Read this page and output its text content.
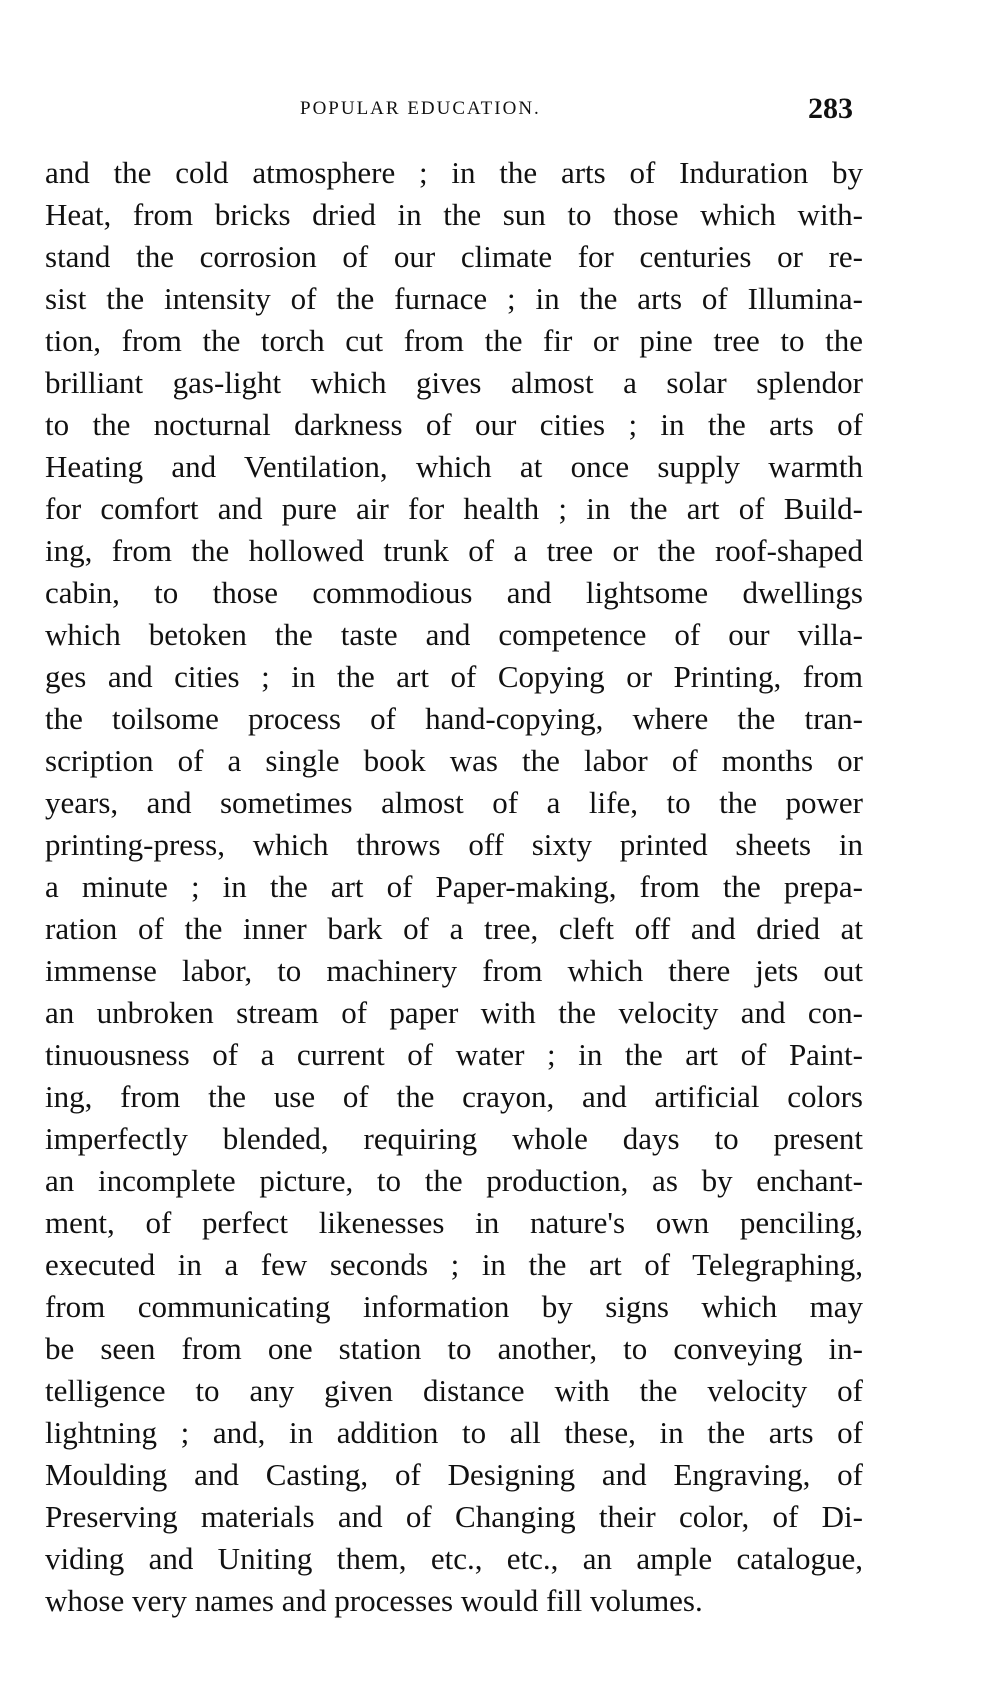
POPULAR EDUCATION.	283
and the cold atmosphere ; in the arts of Induration by
Heat, from bricks dried in the sun to those which with-
stand the corrosion of our climate for centuries or re-
sist the intensity of the furnace ; in the arts of Illumina-
tion, from the torch cut from the fir or pine tree to the
brilliant gas-light which gives almost a solar splendor
to the nocturnal darkness of our cities ; in the arts of
Heating and Ventilation, which at once supply warmth
for comfort and pure air for health ; in the art of Build-
ing, from the hollowed trunk of a tree or the roof-shaped
cabin, to those commodious and lightsome dwellings
which betoken the taste and competence of our villa-
ges and cities ; in the art of Copying or Printing, from
the toilsome process of hand-copying, where the tran-
scription of a single book was the labor of months or
years, and sometimes almost of a life, to the power
printing-press, which throws off sixty printed sheets in
a minute ; in the art of Paper-making, from the prepa-
ration of the inner bark of a tree, cleft off and dried at
immense labor, to machinery from which there jets out
an unbroken stream of paper with the velocity and con-
tinuousness of a current of water ; in the art of Paint-
ing, from the use of the crayon, and artificial colors
imperfectly blended, requiring whole days to present
an incomplete picture, to the production, as by enchant-
ment, of perfect likenesses in nature's own penciling,
executed in a few seconds ; in the art of Telegraphing,
from communicating information by signs which may
be seen from one station to another, to conveying in-
telligence to any given distance with the velocity of
lightning ; and, in addition to all these, in the arts of
Moulding and Casting, of Designing and Engraving, of
Preserving materials and of Changing their color, of Di-
viding and Uniting them, etc., etc., an ample catalogue,
whose very names and processes would fill volumes.
